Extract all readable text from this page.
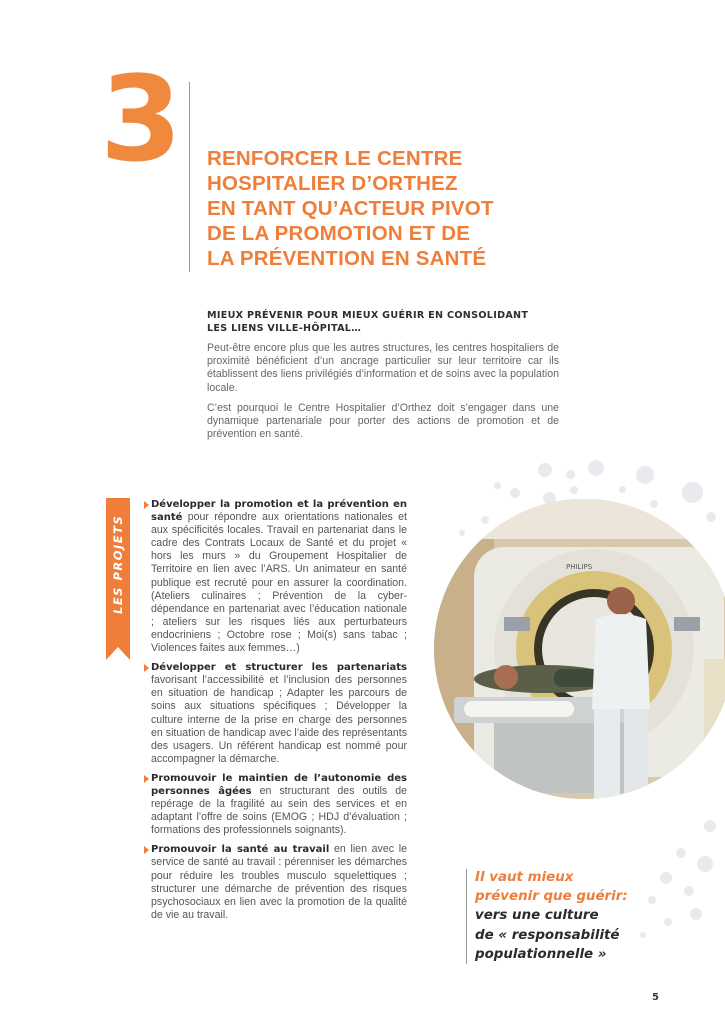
3 RENFORCER LE CENTRE
HOSPITALIER D’ORTHEZ
EN TANT QU’ACTEUR PIVOT
DE LA PROMOTION ET DE
LA PRÉVENTION EN SANTÉ
MIEUX PRÉVENIR POUR MIEUX GUÉRIR EN CONSOLIDANT
LES LIENS VILLE-HÔPITAL…

Peut-être encore plus que les autres structures, les centres hospitaliers de proximité bénéficient d’un ancrage particulier sur leur territoire car ils établissent des liens privilégiés d’information et de soins avec la population locale.

C’est pourquoi le Centre Hospitalier d’Orthez doit s’engager dans une dynamique partenariale pour porter des actions de promotion et de prévention en santé.

LES PROJETS

Développer la promotion et la prévention en santé pour répondre aux orientations nationales et aux spécificités locales. Travail en partenariat dans le cadre des Contrats Locaux de Santé et du projet « hors les murs » du Groupement Hospitalier de Territoire en lien avec l’ARS. Un animateur en santé publique est recruté pour en assurer la coordination. (Ateliers culinaires ; Prévention de la cyber-dépendance en partenariat avec l’éducation nationale ; ateliers sur les risques liés aux perturbateurs endocriniens ; Octobre rose ; Moi(s) sans tabac ; Violences faites aux femmes…)

Développer et structurer les partenariats favorisant l’accessibilité et l’inclusion des personnes en situation de handicap ; Adapter les parcours de soins aux situations spécifiques ; Développer la culture interne de la prise en charge des personnes en situation de handicap avec l’aide des représentants des usagers. Un référent handicap est nommé pour accompagner la démarche.

Promouvoir le maintien de l’autonomie des personnes âgées en structurant des outils de repérage de la fragilité au sein des services et en adaptant l’offre de soins (EMOG ; HDJ d’évaluation ; formations des professionnels soignants).

Promouvoir la santé au travail en lien avec le service de santé au travail : pérenniser les démarches pour réduire les troubles musculo squelettiques ; structurer une démarche de prévention des risques psychosociaux en lien avec la promotion de la qualité de vie au travail.

PHILIPS
Il vaut mieux
prévenir que guérir:
vers une culture
de « responsabilité
populationnelle »
5
